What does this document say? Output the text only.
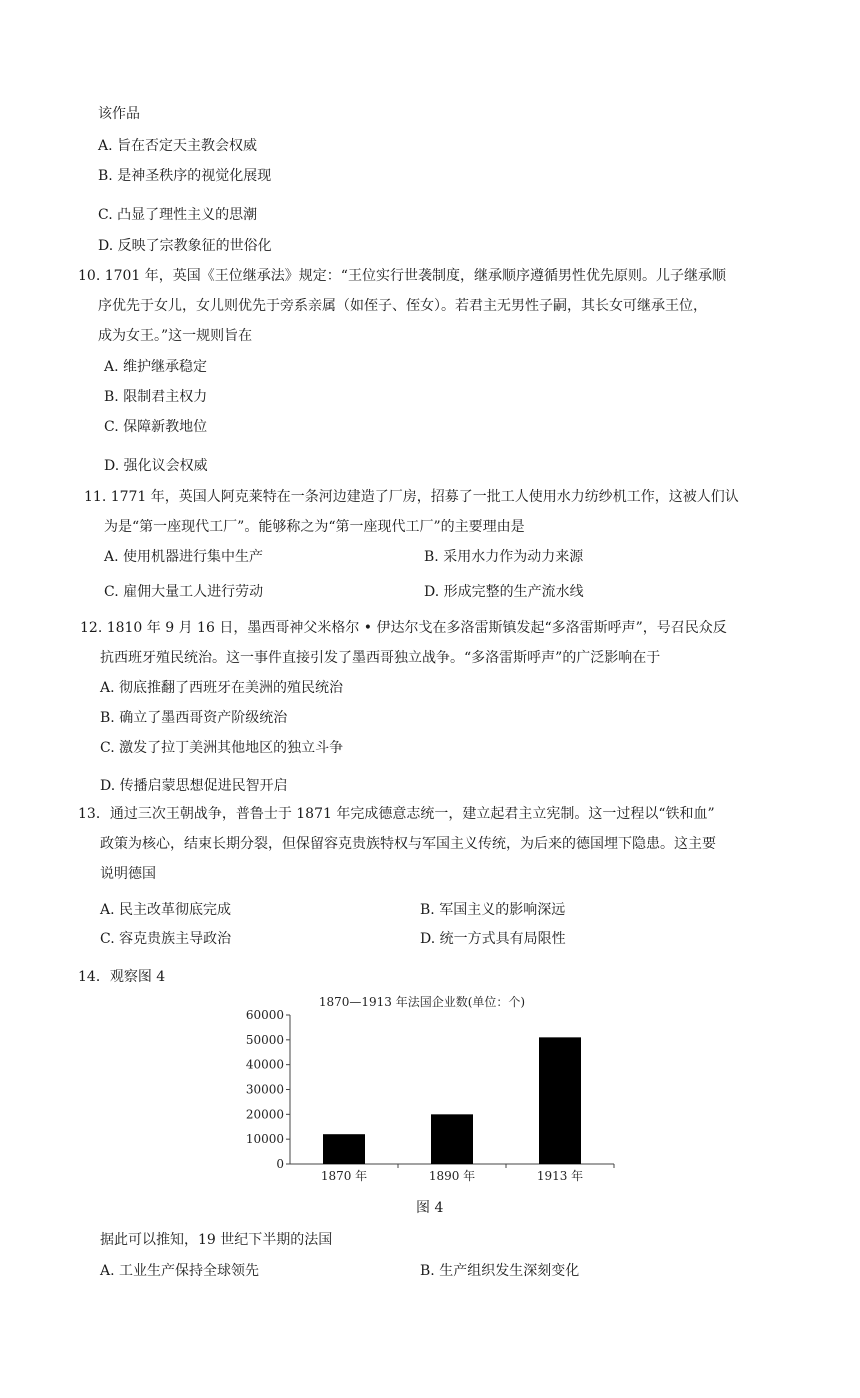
该作品
A. 旨在否定天主教会权威
B. 是神圣秩序的视觉化展现
C. 凸显了理性主义的思潮
D. 反映了宗教象征的世俗化
10. 1701 年，英国《王位继承法》规定：“王位实行世袭制度，继承顺序遵循男性优先原则。儿子继承顺
序优先于女儿，女儿则优先于旁系亲属（如侄子、侄女）。若君主无男性子嗣，其长女可继承王位，
成为女王。”这一规则旨在
A. 维护继承稳定
B. 限制君主权力
C. 保障新教地位
D. 强化议会权威
11. 1771 年，英国人阿克莱特在一条河边建造了厂房，招募了一批工人使用水力纺纱机工作，这被人们认
为是“第一座现代工厂”。能够称之为“第一座现代工厂”的主要理由是
A. 使用机器进行集中生产	B. 采用水力作为动力来源
C. 雇佣大量工人进行劳动	D. 形成完整的生产流水线
12. 1810 年 9 月 16 日，墨西哥神父米格尔 • 伊达尔戈在多洛雷斯镇发起“多洛雷斯呼声”，号召民众反
抗西班牙殖民统治。这一事件直接引发了墨西哥独立战争。“多洛雷斯呼声”的广泛影响在于
A. 彻底推翻了西班牙在美洲的殖民统治
B. 确立了墨西哥资产阶级统治
C. 激发了拉丁美洲其他地区的独立斗争
D. 传播启蒙思想促进民智开启
13．通过三次王朝战争，普鲁士于 1871 年完成德意志统一，建立起君主立宪制。这一过程以“铁和血”
政策为核心，结束长期分裂，但保留容克贵族特权与军国主义传统，为后来的德国埋下隐患。这主要
说明德国
A. 民主改革彻底完成	B. 军国主义的影响深远
C. 容克贵族主导政治	D. 统一方式具有局限性
14．观察图 4
1870—1913 年法国企业数(单位：个)
0
10000
20000
30000
40000
50000
60000
1870 年	1890 年	1913 年
图 4
据此可以推知，19 世纪下半期的法国
A. 工业生产保持全球领先	B. 生产组织发生深刻变化
